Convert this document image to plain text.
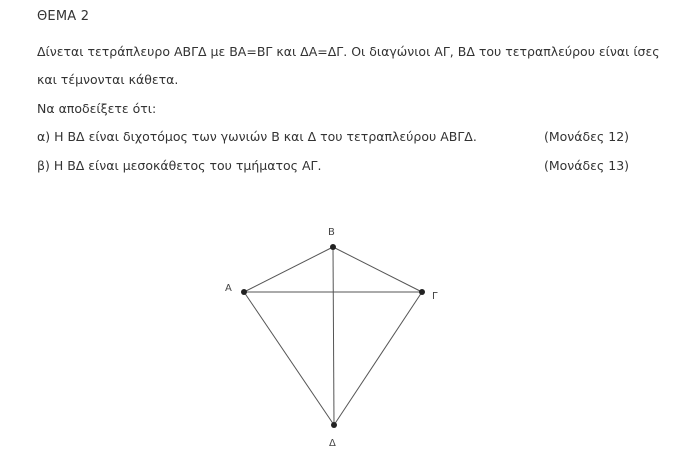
ΘΕΜΑ 2
Δίνεται τετράπλευρο ΑΒΓΔ με ΒΑ=ΒΓ και ΔΑ=ΔΓ. Οι διαγώνιοι ΑΓ, ΒΔ του τετραπλεύρου είναι ίσες
και τέμνονται κάθετα.
Να αποδείξετε ότι:
α) Η ΒΔ είναι διχοτόμος των γωνιών Β και Δ του τετραπλεύρου ΑΒΓΔ.	(Μονάδες 12)
β) Η ΒΔ είναι μεσοκάθετος του τμήματος ΑΓ.	(Μονάδες 13)
Α
Β
Γ
Δ
